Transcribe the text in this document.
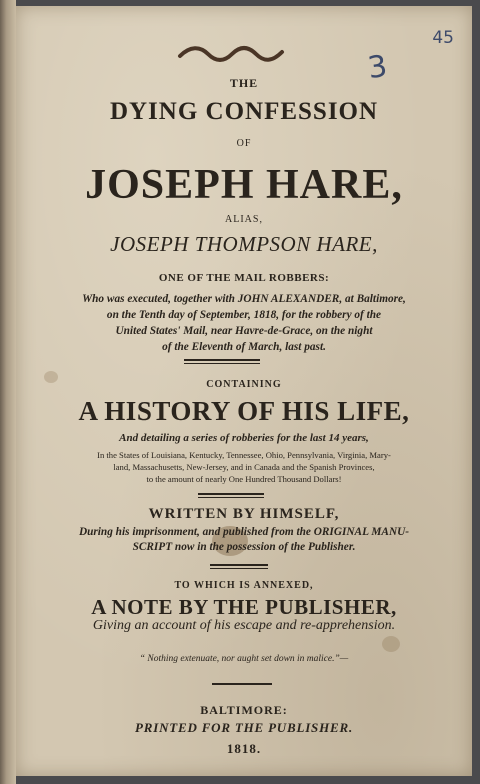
45
3
THE
DYING CONFESSION
OF
JOSEPH HARE,
ALIAS,
JOSEPH THOMPSON HARE,
ONE OF THE MAIL ROBBERS:
Who was executed, together with JOHN ALEXANDER, at Baltimore,
on the Tenth day of September, 1818, for the robbery of the
United States' Mail, near Havre-de-Grace, on the night
of the Eleventh of March, last past.
CONTAINING
A HISTORY OF HIS LIFE,
And detailing a series of robberies for the last 14 years,
In the States of Louisiana, Kentucky, Tennessee, Ohio, Pennsylvania, Virginia, Mary-
land, Massachusetts, New-Jersey, and in Canada and the Spanish Provinces,
to the amount of nearly One Hundred Thousand Dollars!
WRITTEN BY HIMSELF,
During his imprisonment, and published from the ORIGINAL MANU-
SCRIPT now in the possession of the Publisher.
TO WHICH IS ANNEXED,
A NOTE BY THE PUBLISHER,
Giving an account of his escape and re-apprehension.
“ Nothing extenuate, nor aught set down in malice.”—
BALTIMORE:
PRINTED FOR THE PUBLISHER.
1818.
